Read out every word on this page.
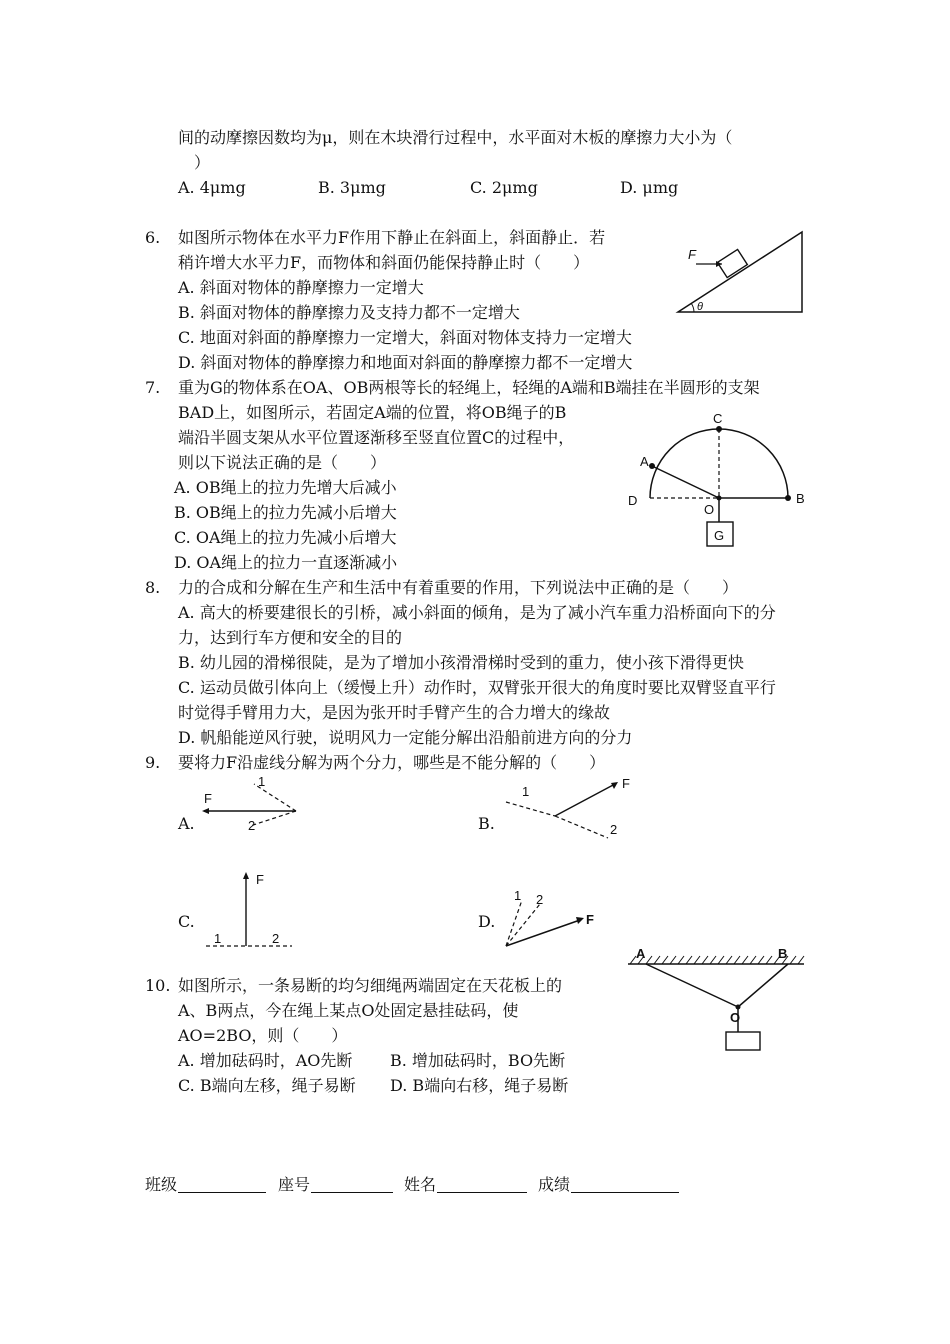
间的动摩擦因数均为μ，则在木块滑行过程中，水平面对木板的摩擦力大小为（
）
A. 4μmg	B. 3μmg	C. 2μmg	D. μmg
6. 如图所示物体在水平力F作用下静止在斜面上，斜面静止．若
稍许增大水平力F，而物体和斜面仍能保持静止时（　　）
A. 斜面对物体的静摩擦力一定增大
B. 斜面对物体的静摩擦力及支持力都不一定增大
C. 地面对斜面的静摩擦力一定增大，斜面对物体支持力一定增大
D. 斜面对物体的静摩擦力和地面对斜面的静摩擦力都不一定增大
F
θ
7. 重为G的物体系在OA、OB两根等长的轻绳上，轻绳的A端和B端挂在半圆形的支架
BAD上，如图所示，若固定A端的位置，将OB绳子的B
端沿半圆支架从水平位置逐渐移至竖直位置C的过程中，
则以下说法正确的是（　　）
A. OB绳上的拉力先增大后减小
B. OB绳上的拉力先减小后增大
C. OA绳上的拉力先减小后增大
D. OA绳上的拉力一直逐渐减小
C
A
D
O
B
G
8. 力的合成和分解在生产和生活中有着重要的作用，下列说法中正确的是（　　）
A. 高大的桥要建很长的引桥，减小斜面的倾角，是为了减小汽车重力沿桥面向下的分
力，达到行车方便和安全的目的
B. 幼儿园的滑梯很陡，是为了增加小孩滑滑梯时受到的重力，使小孩下滑得更快
C. 运动员做引体向上（缓慢上升）动作时，双臂张开很大的角度时要比双臂竖直平行
时觉得手臂用力大，是因为张开时手臂产生的合力增大的缘故
D. 帆船能逆风行驶，说明风力一定能分解出沿船前进方向的分力
9. 要将力F沿虚线分解为两个分力，哪些是不能分解的（　　）
A.
F
1
2	B.
F
1
2
C.
F
1	2
D.	F
1 2
10. 如图所示，一条易断的均匀细绳两端固定在天花板上的
A、B两点，今在绳上某点O处固定悬挂砝码，使
AO=2BO，则（　　）
A. 增加砝码时，AO先断 B. 增加砝码时，BO先断
C. B端向左移，绳子易断 D. B端向右移，绳子易断
A	B
O
班级	座号	姓名	成绩
